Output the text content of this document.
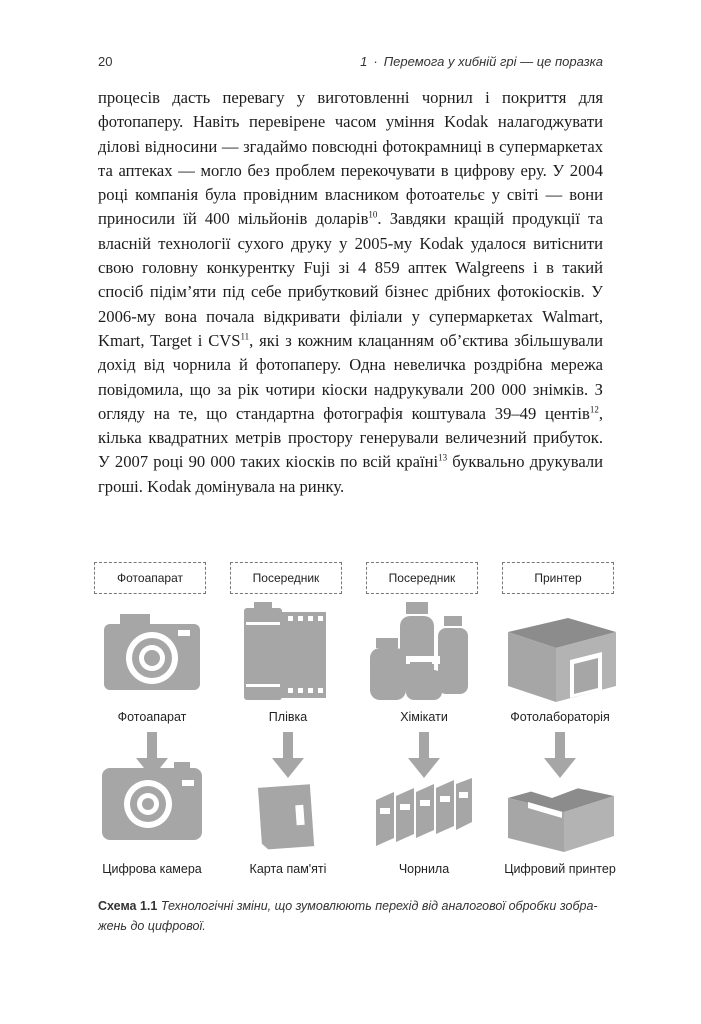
20	1 · Перемога у хибній грі — це поразка

процесів дасть перевагу у виготовленні чорнил і покриття для фотопаперу. Навіть перевірене часом уміння Kodak налагоджувати ділові відносини — згадаймо повсюдні фотокрамниці в супермаркетах та аптеках — могло без проблем перекочувати в цифрову еру. У 2004 році компанія була провідним власником фотоательє у світі — вони приносили їй 400 мільйонів доларів$^{10}$. Завдяки кращій продукції та власній технології сухого друку у 2005-му Kodak удалося витіснити свою головну конкурентку Fuji зі 4 859 аптек Walgreens і в такий спосіб підім’яти під себе прибутковий бізнес дрібних фотокіосків. У 2006-му вона почала відкривати філіали у супермаркетах Walmart, Kmart, Target і CVS$^{11}$, які з кожним клацанням об’єктива збільшували дохід від чорнила й фотопаперу. Одна невеличка роздрібна мережа повідомила, що за рік чотири кіоски надрукували 200 000 знімків. З огляду на те, що стандартна фотографія коштувала 39–49 центів$^{12}$, кілька квадратних метрів простору генерували величезний прибуток. У 2007 році 90 000 таких кіосків по всій країні$^{13}$ буквально друкували гроші. Kodak домінувала на ринку.

Фотоапарат
Фотоапарат
Цифрова камера
Посередник
Плівка
Карта пам'яті
Посередник
Хімікати
Чорнила
Принтер
Фотолабораторія
Цифровий принтер
Схема 1.1 Технологічні зміни, що зумовлюють перехід від аналогової обробки зображень до цифрової.
